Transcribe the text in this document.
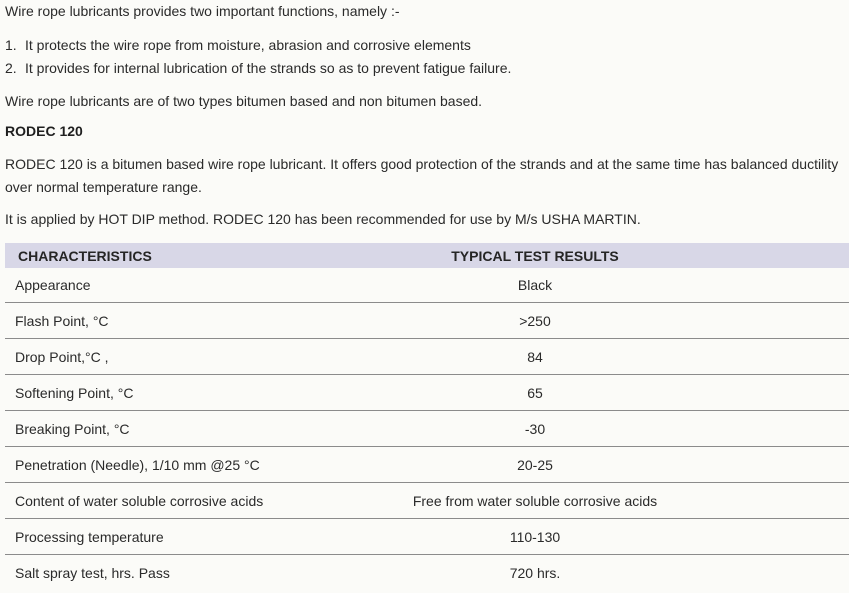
Wire rope lubricants provides two important functions, namely :-
1. It protects the wire rope from moisture, abrasion and corrosive elements
2. It provides for internal lubrication of the strands so as to prevent fatigue failure.
Wire rope lubricants are of two types bitumen based and non bitumen based.
RODEC 120
RODEC 120 is a bitumen based wire rope lubricant. It offers good protection of the strands and at the same time has balanced ductility over normal temperature range.
It is applied by HOT DIP method. RODEC 120 has been recommended for use by M/s USHA MARTIN.
CHARACTERISTICS	TYPICAL TEST RESULTS
Appearance	Black
Flash Point, °C	>250
Drop Point,°C ,	84
Softening Point, °C	65
Breaking Point, °C	-30
Penetration (Needle), 1/10 mm @25 °C	20-25
Content of water soluble corrosive acids	Free from water soluble corrosive acids
Processing temperature	110-130
Salt spray test, hrs. Pass	720 hrs.
